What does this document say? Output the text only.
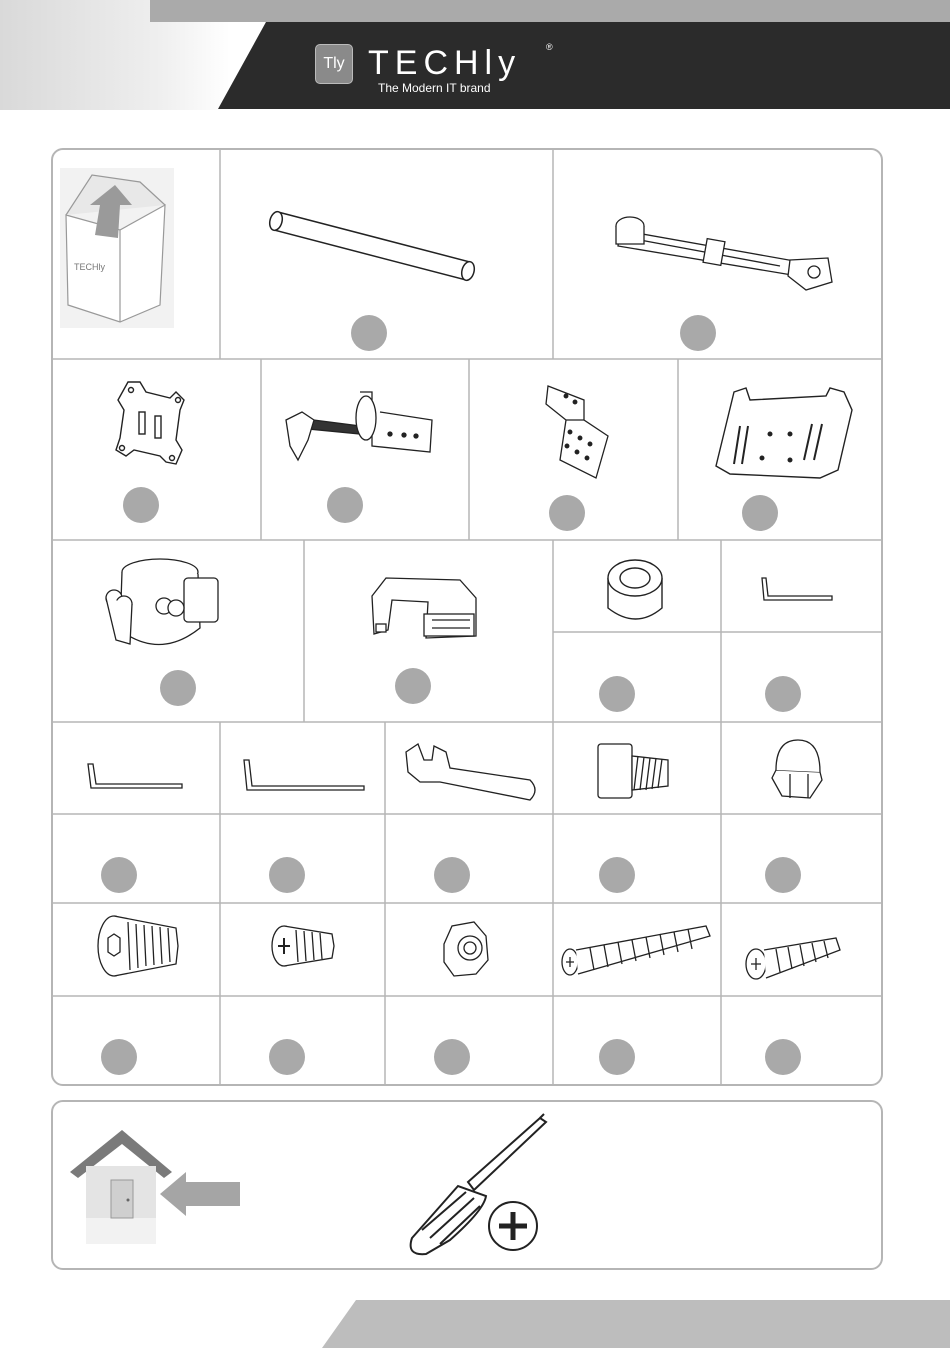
Tly TECHly
The Modern IT brand
®
TECHly
